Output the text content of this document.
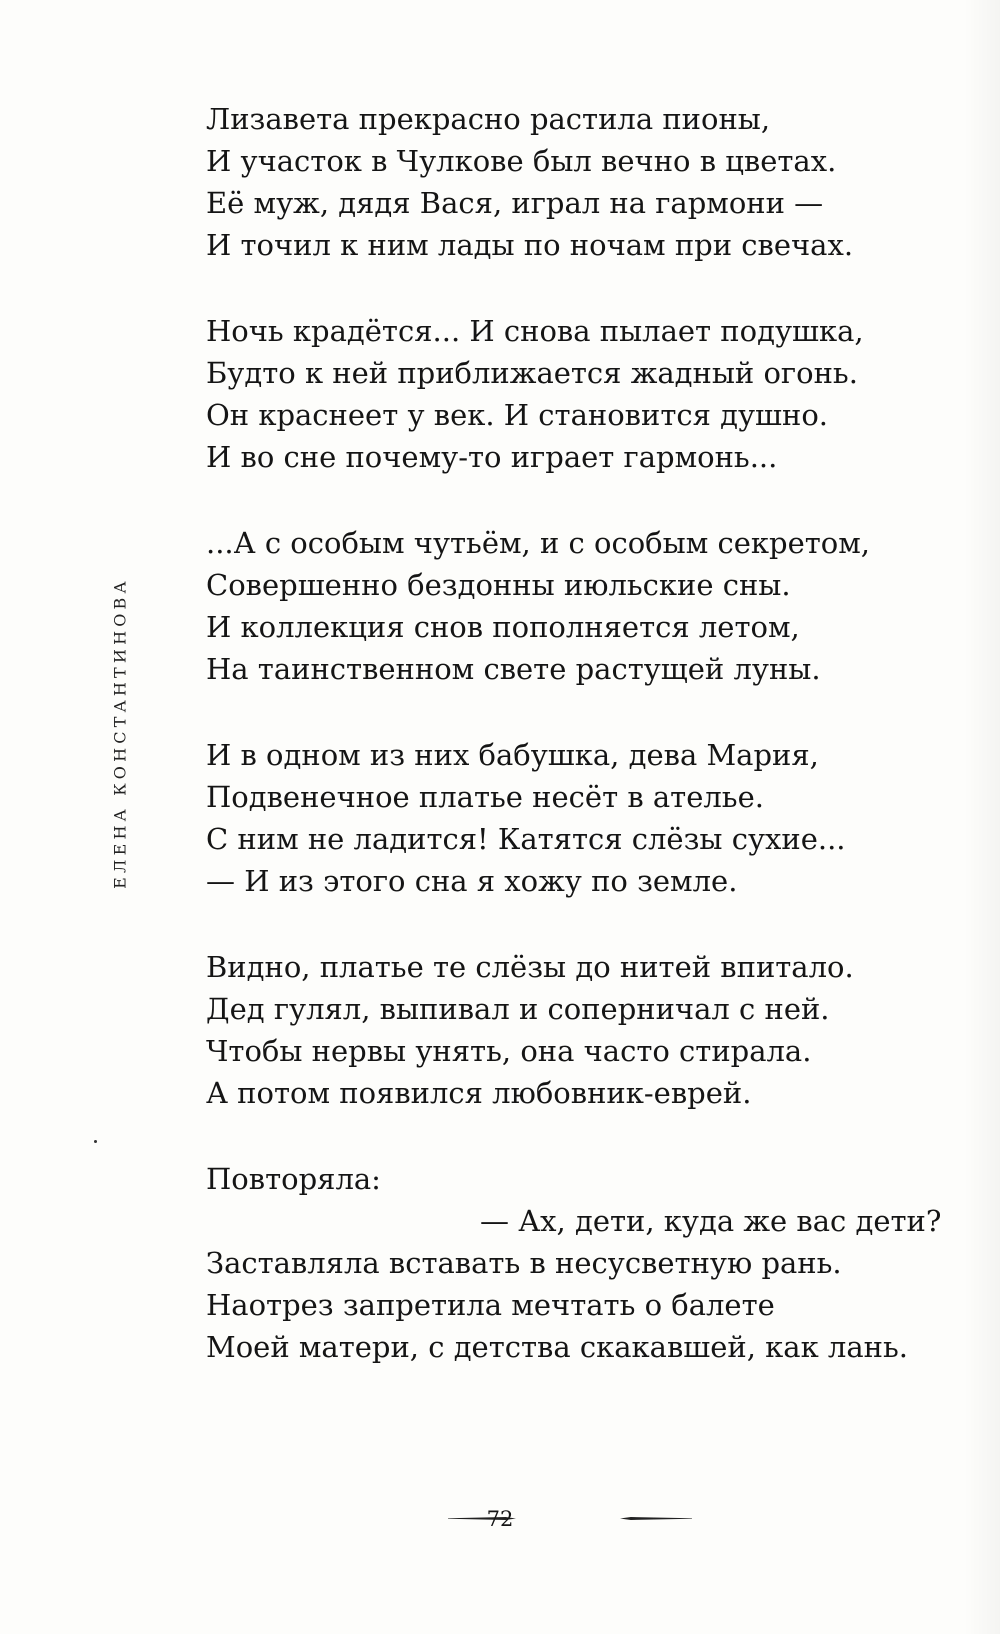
ЕЛЕНА КОНСТАНТИНОВА
Лизавета прекрасно растила пионы,
И участок в Чулкове был вечно в цветах.
Её муж, дядя Вася, играл на гармони —
И точил к ним лады по ночам при свечах.
Ночь крадётся... И снова пылает подушка,
Будто к ней приближается жадный огонь.
Он краснеет у век. И становится душно.
И во сне почему-то играет гармонь...
...А с особым чутьём, и с особым секретом,
Совершенно бездонны июльские сны.
И коллекция снов пополняется летом,
На таинственном свете растущей луны.
И в одном из них бабушка, дева Мария,
Подвенечное платье несёт в ателье.
С ним не ладится! Катятся слёзы сухие...
— И из этого сна я хожу по земле.
Видно, платье те слёзы до нитей впитало.
Дед гулял, выпивал и соперничал с ней.
Чтобы нервы унять, она часто стирала.
А потом появился любовник-еврей.
Повторяла:
— Ах, дети, куда же вас дети?
Заставляла вставать в несусветную рань.
Наотрез запретила мечтать о балете
Моей матери, с детства скакавшей, как лань.
72
